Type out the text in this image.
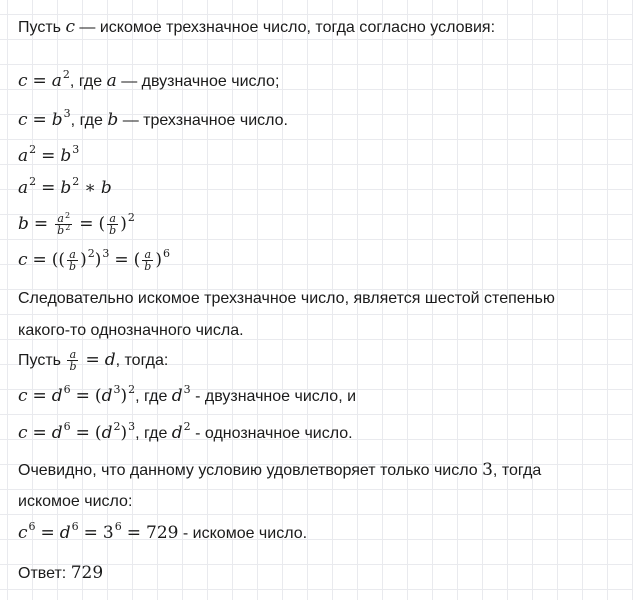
Пусть c — искомое трехзначное число, тогда согласно условия:
$c = a^2$, где a — двузначное число;
$c = b^3$, где b — трехзначное число.
$a^2 = b^3$
$a^2 = b^2$ ∗ b
$b = \frac{a^2}{b^2}$ = ( $\frac{a}{b} )^2$
c = (( $\frac{a}{b} )^2)^3$ = ( $\frac{a}{b} )^6$
Следовательно искомое трехзначное число, является шестой степенью
какого-то однозначного числа.
Пусть $\frac{a}{b} = d$, тогда:
$c = d^6 = (d^3)^2$, где $d^3$ - двузначное число, и
$c = d^6 = (d^2)^3$, где $d^2$ - однозначное число.
Очевидно, что данному условию удовлетворяет только число 3, тогда
искомое число:
$c^6 = d^6 = 3^6 = 729$ - искомое число.
Ответ: 729
